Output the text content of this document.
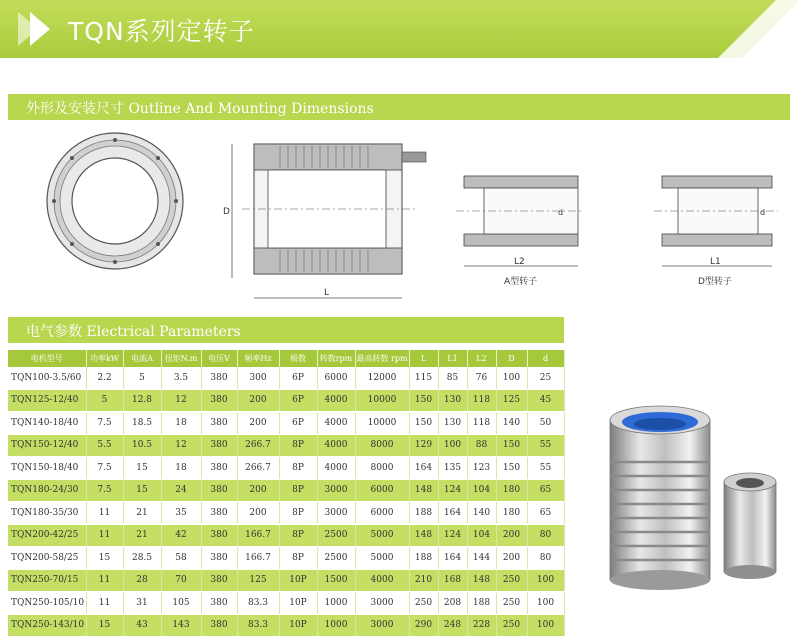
TQN系列定转子
外形及安装尺寸 Outline And Mounting Dimensions
D
L
d
L2
A型转子
d
L1
D型转子
电气参数 Electrical Parameters
电机型号	功率kW	电流A	扭矩N.m	电压V	频率Hz	极数	转数rpm	最高转数 rpm	L	L1	L2	D	d
TQN100-3.5/60	2.2	5	3.5	380	300	6P	6000	12000	115	85	76	100	25
TQN125-12/40	5	12.8	12	380	200	6P	4000	10000	150	130	118	125	45
TQN140-18/40	7.5	18.5	18	380	200	6P	4000	10000	150	130	118	140	50
TQN150-12/40	5.5	10.5	12	380	266.7	8P	4000	8000	129	100	88	150	55
TQN150-18/40	7.5	15	18	380	266.7	8P	4000	8000	164	135	123	150	55
TQN180-24/30	7.5	15	24	380	200	8P	3000	6000	148	124	104	180	65
TQN180-35/30	11	21	35	380	200	8P	3000	6000	188	164	140	180	65
TQN200-42/25	11	21	42	380	166.7	8P	2500	5000	148	124	104	200	80
TQN200-58/25	15	28.5	58	380	166.7	8P	2500	5000	188	164	144	200	80
TQN250-70/15	11	28	70	380	125	10P	1500	4000	210	168	148	250	100
TQN250-105/10	11	31	105	380	83.3	10P	1000	3000	250	208	188	250	100
TQN250-143/10	15	43	143	380	83.3	10P	1000	3000	290	248	228	250	100
